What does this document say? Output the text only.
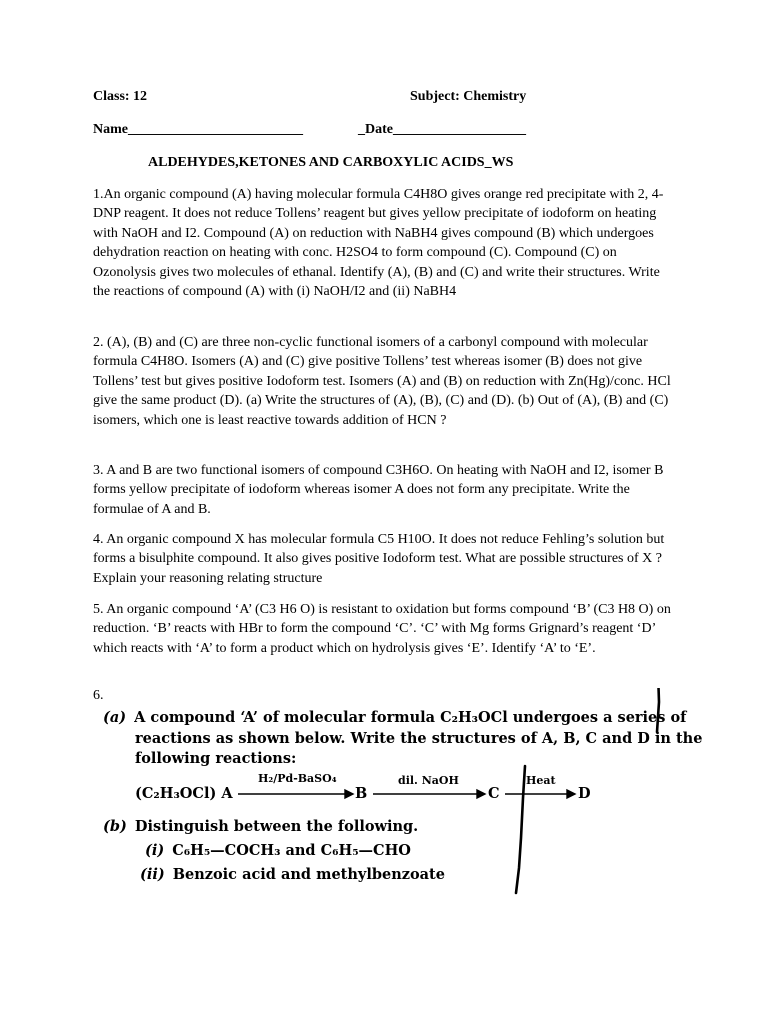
Class: 12	Subject: Chemistry
Name_________________________	_Date___________________
ALDEHYDES,KETONES AND CARBOXYLIC ACIDS_WS
1.An organic compound (A) having molecular formula C4H8O gives orange red precipitate with 2, 4-DNP reagent. It does not reduce Tollens’ reagent but gives yellow precipitate of iodoform on heating with NaOH and I2. Compound (A) on reduction with NaBH4 gives compound (B) which undergoes dehydration reaction on heating with conc. H2SO4 to form compound (C). Compound (C) on Ozonolysis gives two molecules of ethanal. Identify (A), (B) and (C) and write their structures. Write the reactions of compound (A) with (i) NaOH/I2 and (ii) NaBH4
2. (A), (B) and (C) are three non-cyclic functional isomers of a carbonyl compound with molecular formula C4H8O. Isomers (A) and (C) give positive Tollens’ test whereas isomer (B) does not give Tollens’ test but gives positive Iodoform test. Isomers (A) and (B) on reduction with Zn(Hg)/conc. HCl give the same product (D). (a) Write the structures of (A), (B), (C) and (D). (b) Out of (A), (B) and (C) isomers, which one is least reactive towards addition of HCN ?
3. A and B are two functional isomers of compound C3H6O. On heating with NaOH and I2, isomer B forms yellow precipitate of iodoform whereas isomer A does not form any precipitate. Write the formulae of A and B.
4. An organic compound X has molecular formula C5 H10O. It does not reduce Fehling’s solution but forms a bisulphite compound. It also gives positive Iodoform test. What are possible structures of X ? Explain your reasoning relating structure
5. An organic compound ‘A’ (C3 H6 O) is resistant to oxidation but forms compound ‘B’ (C3 H8 O) on reduction. ‘B’ reacts with HBr to form the compound ‘C’. ‘C’ with Mg forms Grignard’s reagent ‘D’ which reacts with ‘A’ to form a product which on hydrolysis gives ‘E’. Identify ‘A’ to ‘E’.
6.
(a) A compound ‘A’ of molecular formula C₂H₃OCl undergoes a series of
reactions as shown below. Write the structures of A, B, C and D in the
following reactions:
(C₂H₃OCl) A
H₂/Pd-BaSO₄	dil. NaOH	Heat
B	C	D
(b) Distinguish between the following.
(i) C₆H₅—COCH₃ and C₆H₅—CHO
(ii) Benzoic acid and methylbenzoate
